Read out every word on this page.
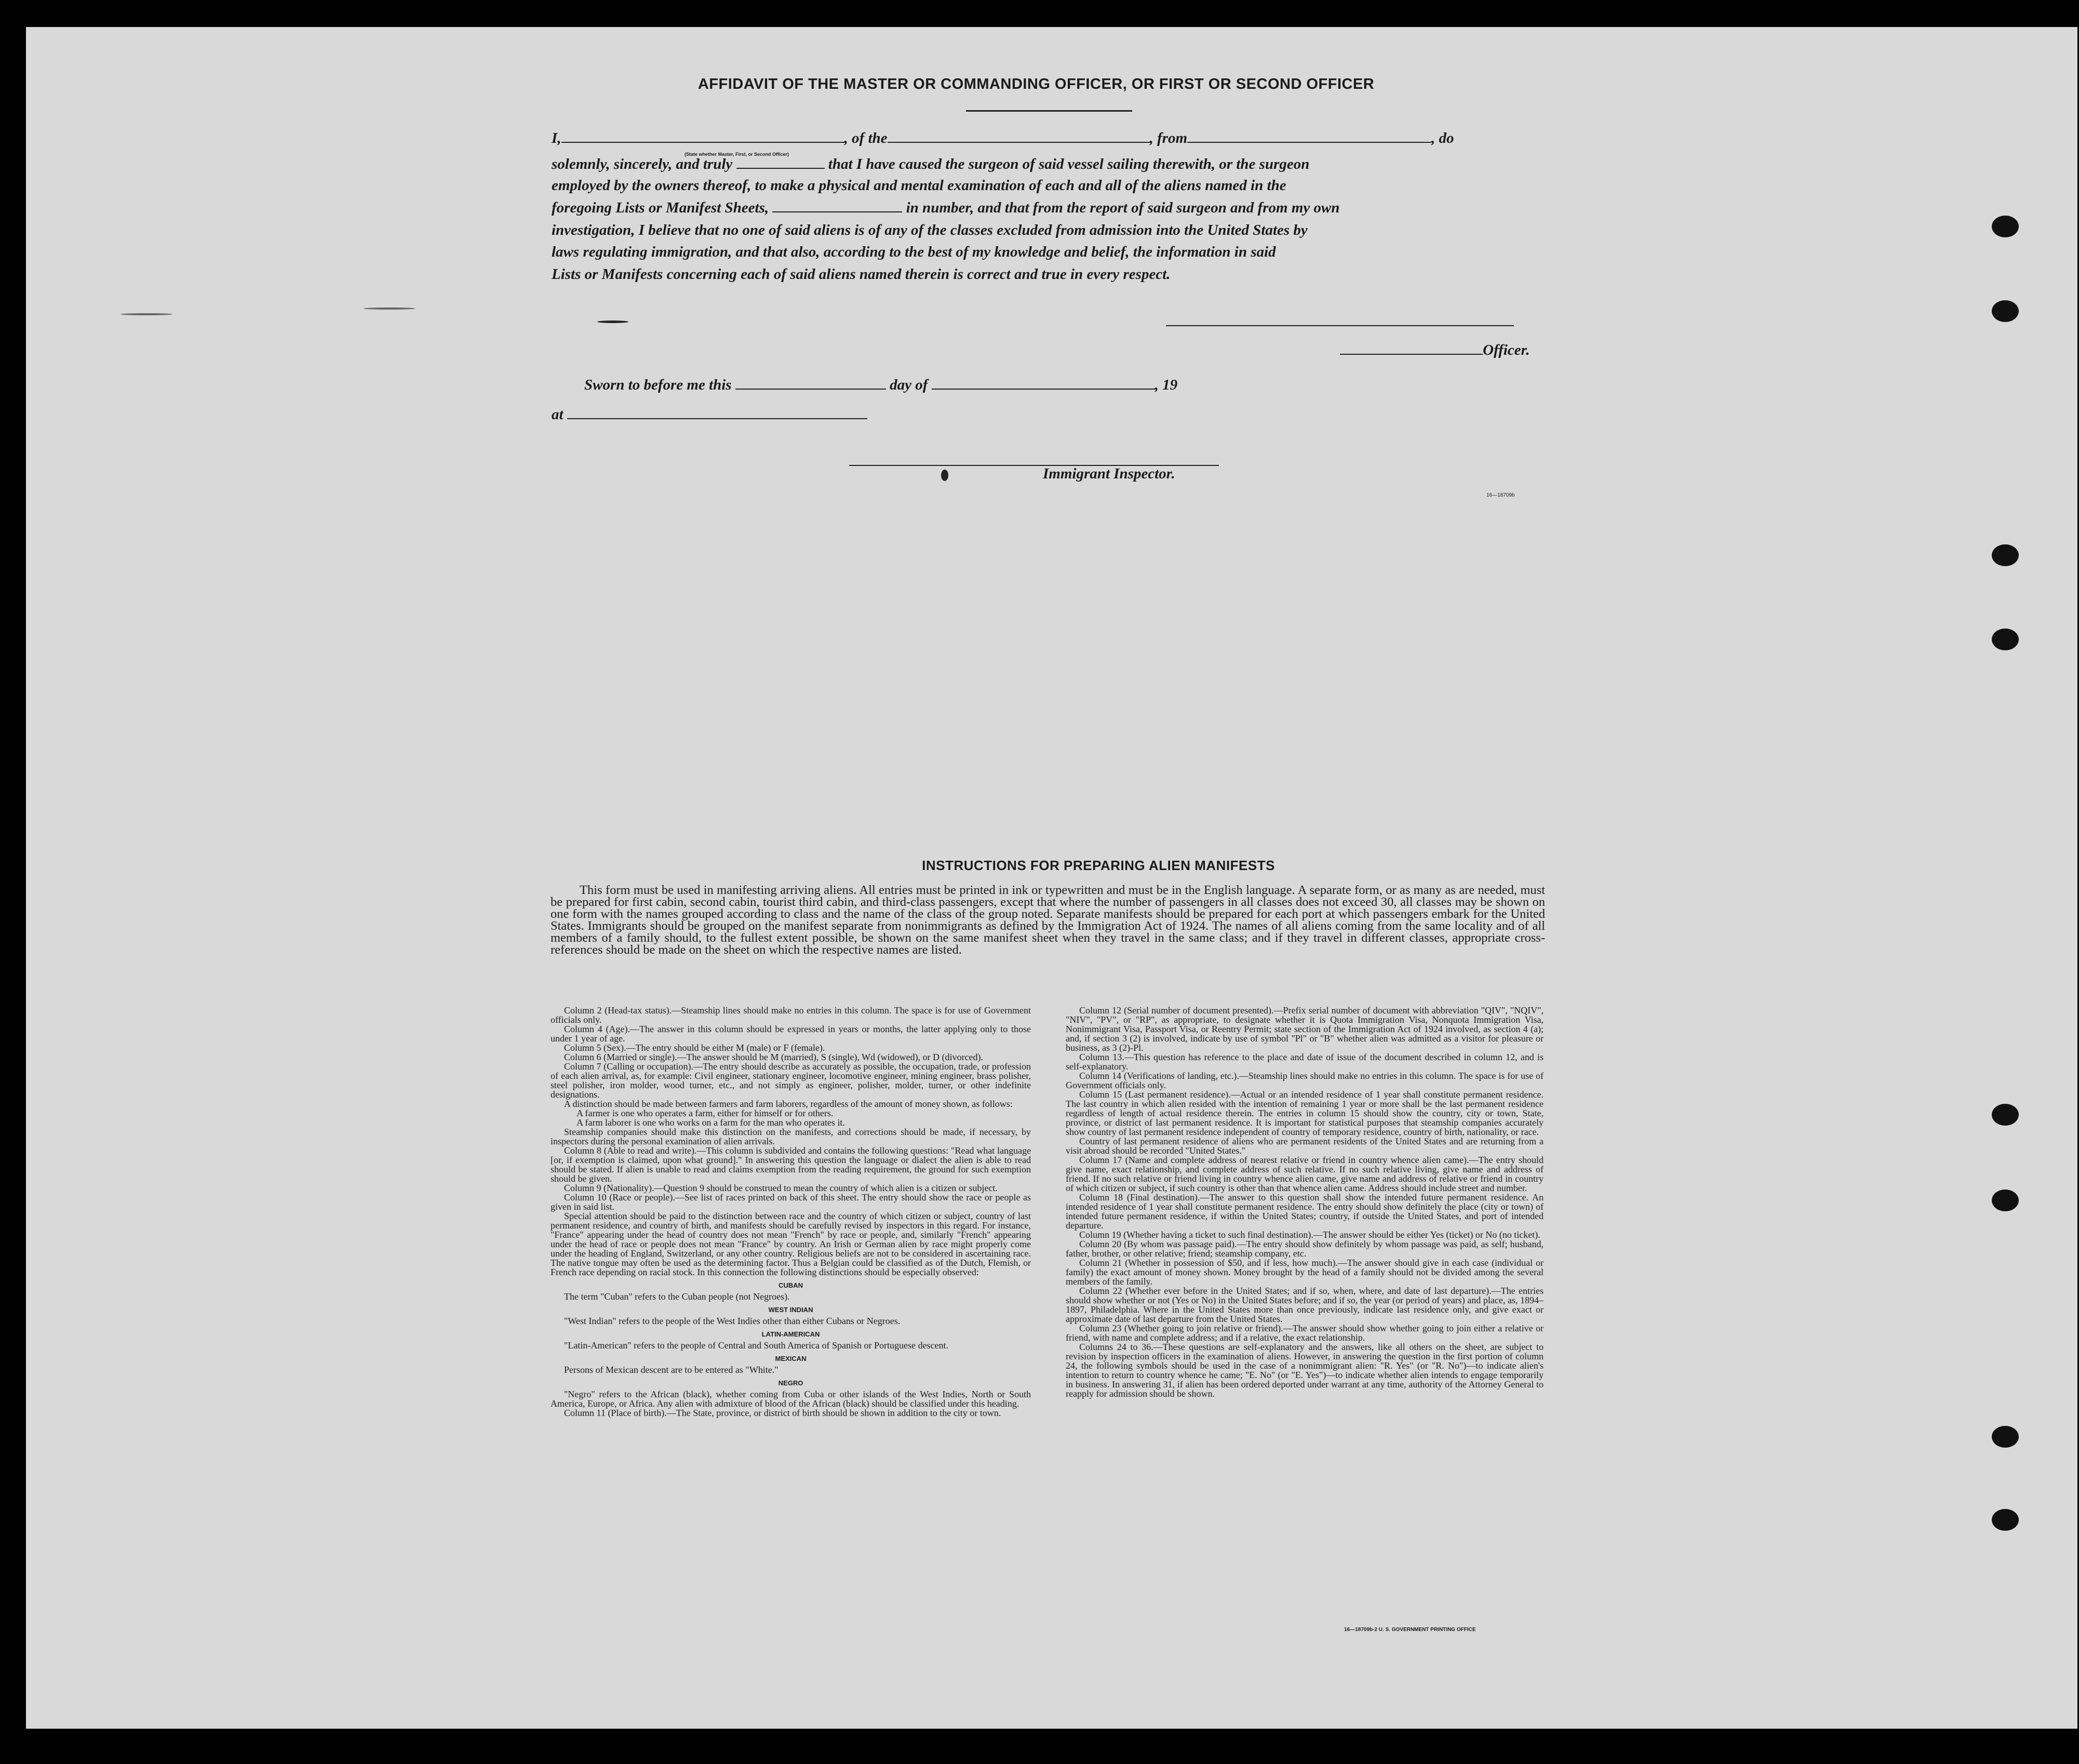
AFFIDAVIT OF THE MASTER OR COMMANDING OFFICER, OR FIRST OR SECOND OFFICER
I,	, of the	, from	, do
(State whether Master, First, or Second Officer)
solemnly, sincerely, and truly	that I have caused the surgeon of said vessel sailing therewith, or the surgeon
employed by the owners thereof, to make a physical and mental examination of each and all of the aliens named in the
foregoing Lists or Manifest Sheets,	in number, and that from the report of said surgeon and from my own
investigation, I believe that no one of said aliens is of any of the classes excluded from admission into the United States by
laws regulating immigration, and that also, according to the best of my knowledge and belief, the information in said
Lists or Manifests concerning each of said aliens named therein is correct and true in every respect.
Officer.
Sworn to before me this	day of	, 19
at
Immigrant Inspector.
16—18709b
INSTRUCTIONS FOR PREPARING ALIEN MANIFESTS
This form must be used in manifesting arriving aliens. All entries must be printed in ink or typewritten and must be in the English language. A separate form, or as many as are needed, must be prepared for first cabin, second cabin, tourist third cabin, and third-class passengers, except that where the number of passengers in all classes does not exceed 30, all classes may be shown on one form with the names grouped according to class and the name of the class of the group noted. Separate manifests should be prepared for each port at which passengers embark for the United States. Immigrants should be grouped on the manifest separate from nonimmigrants as defined by the Immigration Act of 1924. The names of all aliens coming from the same locality and of all members of a family should, to the fullest extent possible, be shown on the same manifest sheet when they travel in the same class; and if they travel in different classes, appropriate cross-references should be made on the sheet on which the respective names are listed.

Column 2 (Head-tax status).—Steamship lines should make no entries in this column. The space is for use of Government officials only.

Column 4 (Age).—The answer in this column should be expressed in years or months, the latter applying only to those under 1 year of age.

Column 5 (Sex).—The entry should be either M (male) or F (female).

Column 6 (Married or single).—The answer should be M (married), S (single), Wd (widowed), or D (divorced).

Column 7 (Calling or occupation).—The entry should describe as accurately as possible, the occupation, trade, or profession of each alien arrival, as, for example: Civil engineer, stationary engineer, locomotive engineer, mining engineer, brass polisher, steel polisher, iron molder, wood turner, etc., and not simply as engineer, polisher, molder, turner, or other indefinite designations.

A distinction should be made between farmers and farm laborers, regardless of the amount of money shown, as follows:

A farmer is one who operates a farm, either for himself or for others.

A farm laborer is one who works on a farm for the man who operates it.

Steamship companies should make this distinction on the manifests, and corrections should be made, if necessary, by inspectors during the personal examination of alien arrivals.

Column 8 (Able to read and write).—This column is subdivided and contains the following questions: "Read what language [or, if exemption is claimed, upon what ground]." In answering this question the language or dialect the alien is able to read should be stated. If alien is unable to read and claims exemption from the reading requirement, the ground for such exemption should be given.

Column 9 (Nationality).—Question 9 should be construed to mean the country of which alien is a citizen or subject.

Column 10 (Race or people).—See list of races printed on back of this sheet. The entry should show the race or people as given in said list.

Special attention should be paid to the distinction between race and the country of which citizen or subject, country of last permanent residence, and country of birth, and manifests should be carefully revised by inspectors in this regard. For instance, "France" appearing under the head of country does not mean "French" by race or people, and, similarly "French" appearing under the head of race or people does not mean "France" by country. An Irish or German alien by race might properly come under the heading of England, Switzerland, or any other country. Religious beliefs are not to be considered in ascertaining race. The native tongue may often be used as the determining factor. Thus a Belgian could be classified as of the Dutch, Flemish, or French race depending on racial stock. In this connection the following distinctions should be especially observed:

CUBAN

The term "Cuban" refers to the Cuban people (not Negroes).

WEST INDIAN

"West Indian" refers to the people of the West Indies other than either Cubans or Negroes.

LATIN-AMERICAN

"Latin-American" refers to the people of Central and South America of Spanish or Portuguese descent.

MEXICAN

Persons of Mexican descent are to be entered as "White."

NEGRO

"Negro" refers to the African (black), whether coming from Cuba or other islands of the West Indies, North or South America, Europe, or Africa. Any alien with admixture of blood of the African (black) should be classified under this heading.

Column 11 (Place of birth).—The State, province, or district of birth should be shown in addition to the city or town.

Column 12 (Serial number of document presented).—Prefix serial number of document with abbreviation "QIV", "NQIV", "NIV", "PV", or "RP", as appropriate, to designate whether it is Quota Immigration Visa, Nonquota Immigration Visa, Nonimmigrant Visa, Passport Visa, or Reentry Permit; state section of the Immigration Act of 1924 involved, as section 4 (a); and, if section 3 (2) is involved, indicate by use of symbol "Pl" or "B" whether alien was admitted as a visitor for pleasure or business, as 3 (2)-Pl.

Column 13.—This question has reference to the place and date of issue of the document described in column 12, and is self-explanatory.

Column 14 (Verifications of landing, etc.).—Steamship lines should make no entries in this column. The space is for use of Government officials only.

Column 15 (Last permanent residence).—Actual or an intended residence of 1 year shall constitute permanent residence. The last country in which alien resided with the intention of remaining 1 year or more shall be the last permanent residence regardless of length of actual residence therein. The entries in column 15 should show the country, city or town, State, province, or district of last permanent residence. It is important for statistical purposes that steamship companies accurately show country of last permanent residence independent of country of temporary residence, country of birth, nationality, or race.

Country of last permanent residence of aliens who are permanent residents of the United States and are returning from a visit abroad should be recorded "United States."

Column 17 (Name and complete address of nearest relative or friend in country whence alien came).—The entry should give name, exact relationship, and complete address of such relative. If no such relative living, give name and address of friend. If no such relative or friend living in country whence alien came, give name and address of relative or friend in country of which citizen or subject, if such country is other than that whence alien came. Address should include street and number.

Column 18 (Final destination).—The answer to this question shall show the intended future permanent residence. An intended residence of 1 year shall constitute permanent residence. The entry should show definitely the place (city or town) of intended future permanent residence, if within the United States; country, if outside the United States, and port of intended departure.

Column 19 (Whether having a ticket to such final destination).—The answer should be either Yes (ticket) or No (no ticket).

Column 20 (By whom was passage paid).—The entry should show definitely by whom passage was paid, as self; husband, father, brother, or other relative; friend; steamship company, etc.

Column 21 (Whether in possession of $50, and if less, how much).—The answer should give in each case (individual or family) the exact amount of money shown. Money brought by the head of a family should not be divided among the several members of the family.

Column 22 (Whether ever before in the United States; and if so, when, where, and date of last departure).—The entries should show whether or not (Yes or No) in the United States before; and if so, the year (or period of years) and place, as, 1894–1897, Philadelphia. Where in the United States more than once previously, indicate last residence only, and give exact or approximate date of last departure from the United States.

Column 23 (Whether going to join relative or friend).—The answer should show whether going to join either a relative or friend, with name and complete address; and if a relative, the exact relationship.

Columns 24 to 36.—These questions are self-explanatory and the answers, like all others on the sheet, are subject to revision by inspection officers in the examination of aliens. However, in answering the question in the first portion of column 24, the following symbols should be used in the case of a nonimmigrant alien: "R. Yes" (or "R. No")—to indicate alien's intention to return to country whence he came; "E. No" (or "E. Yes")—to indicate whether alien intends to engage temporarily in business. In answering 31, if alien has been ordered deported under warrant at any time, authority of the Attorney General to reapply for admission should be shown.

16—18709b-2 U. S. GOVERNMENT PRINTING OFFICE
